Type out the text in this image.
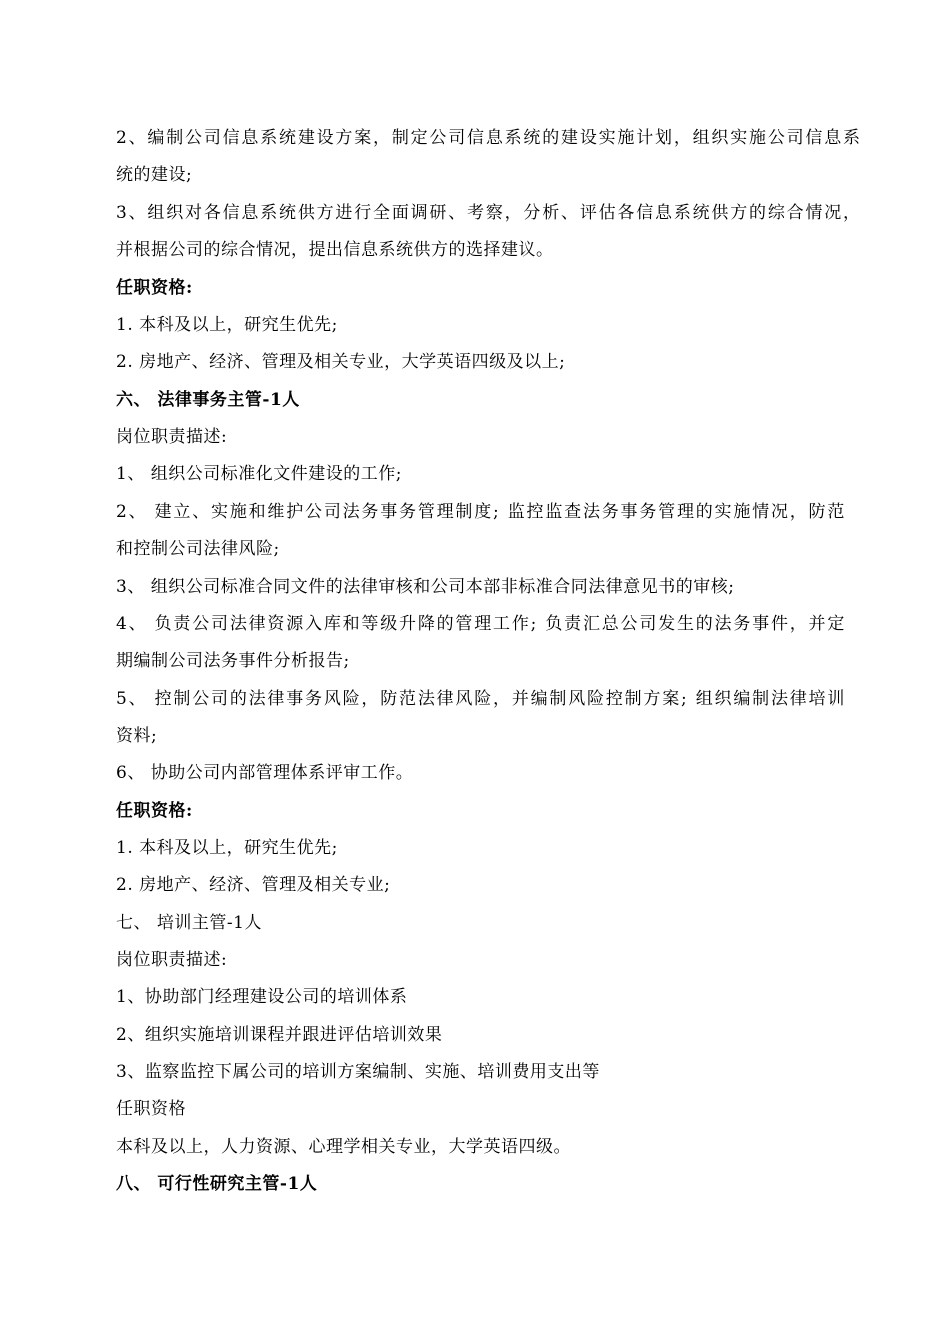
2、编制公司信息系统建设方案，制定公司信息系统的建设实施计划，组织实施公司信息系
统的建设;
3、组织对各信息系统供方进行全面调研、考察，分析、评估各信息系统供方的综合情况，
并根据公司的综合情况，提出信息系统供方的选择建议。
任职资格:
1. 本科及以上，研究生优先;
2. 房地产、经济、管理及相关专业，大学英语四级及以上;
六、 法律事务主管-1人
岗位职责描述:
1、 组织公司标准化文件建设的工作;
2、 建立、实施和维护公司法务事务管理制度; 监控监查法务事务管理的实施情况，防范
和控制公司法律风险;
3、 组织公司标准合同文件的法律审核和公司本部非标准合同法律意见书的审核;
4、 负责公司法律资源入库和等级升降的管理工作; 负责汇总公司发生的法务事件，并定
期编制公司法务事件分析报告;
5、 控制公司的法律事务风险，防范法律风险，并编制风险控制方案; 组织编制法律培训
资料;
6、 协助公司内部管理体系评审工作。
任职资格:
1. 本科及以上，研究生优先;
2. 房地产、经济、管理及相关专业;
七、 培训主管-1人
岗位职责描述:
1、协助部门经理建设公司的培训体系
2、组织实施培训课程并跟进评估培训效果
3、监察监控下属公司的培训方案编制、实施、培训费用支出等
任职资格
本科及以上，人力资源、心理学相关专业，大学英语四级。
八、 可行性研究主管-1人
